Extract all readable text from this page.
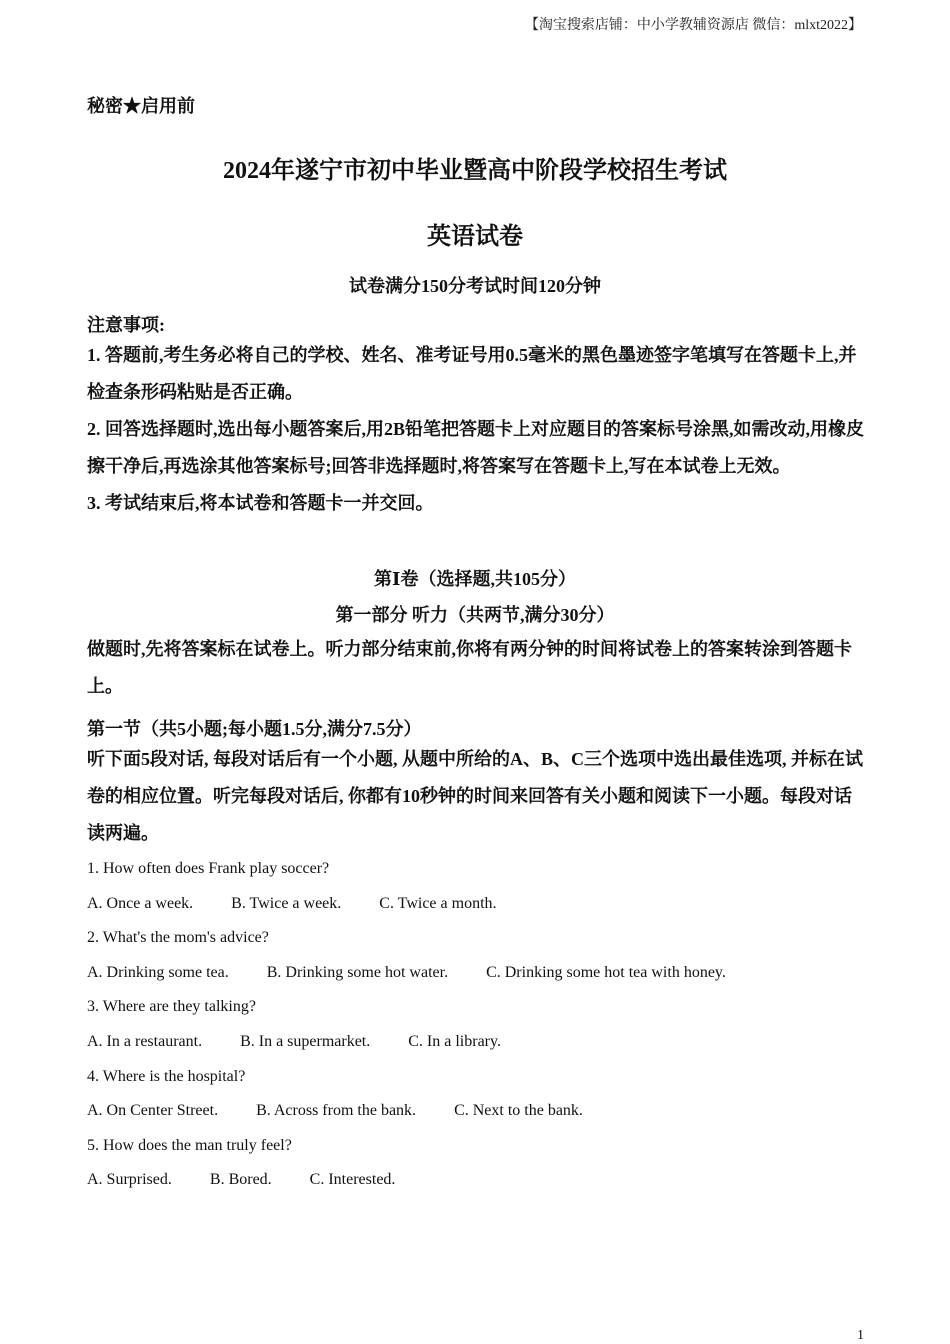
【淘宝搜索店铺：中小学教辅资源店 微信：mlxt2022】
秘密★启用前
2024年遂宁市初中毕业暨高中阶段学校招生考试
英语试卷
试卷满分150分考试时间120分钟
注意事项:

1. 答题前,考生务必将自己的学校、姓名、准考证号用0.5毫米的黑色墨迹签字笔填写在答题卡上,并检查条形码粘贴是否正确。

2. 回答选择题时,选出每小题答案后,用2B铅笔把答题卡上对应题目的答案标号涂黑,如需改动,用橡皮擦干净后,再选涂其他答案标号;回答非选择题时,将答案写在答题卡上,写在本试卷上无效。

3. 考试结束后,将本试卷和答题卡一并交回。

第Ⅰ卷（选择题,共105分）
第一部分 听力（共两节,满分30分）
做题时,先将答案标在试卷上。听力部分结束前,你将有两分钟的时间将试卷上的答案转涂到答题卡上。
第一节（共5小题;每小题1.5分,满分7.5分）
听下面5段对话, 每段对话后有一个小题, 从题中所给的A、B、C三个选项中选出最佳选项, 并标在试卷的相应位置。听完每段对话后, 你都有10秒钟的时间来回答有关小题和阅读下一小题。每段对话读两遍。
1. How often does Frank play soccer?
A. Once a week. B. Twice a week. C. Twice a month.
2. What's the mom's advice?
A. Drinking some tea. B. Drinking some hot water. C. Drinking some hot tea with honey.
3. Where are they talking?
A. In a restaurant. B. In a supermarket. C. In a library.
4. Where is the hospital?
A. On Center Street. B. Across from the bank. C. Next to the bank.
5. How does the man truly feel?
A. Surprised. B. Bored. C. Interested.
1
